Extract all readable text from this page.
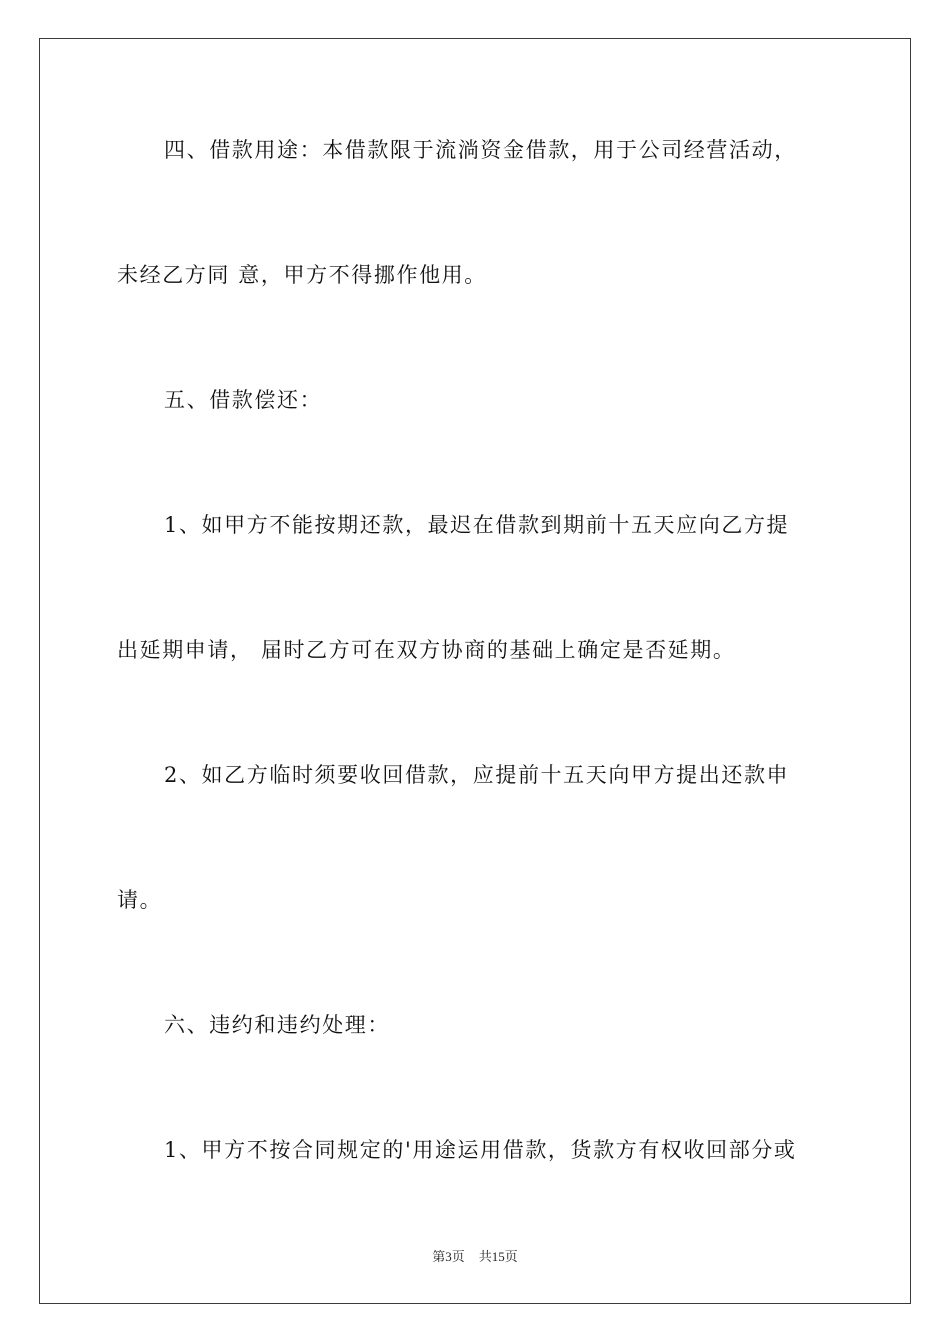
四、借款用途：本借款限于流淌资金借款，用于公司经营活动，
未经乙方同 意，甲方不得挪作他用。
五、借款偿还：
1、如甲方不能按期还款，最迟在借款到期前十五天应向乙方提
出延期申请， 届时乙方可在双方协商的基础上确定是否延期。
2、如乙方临时须要收回借款，应提前十五天向甲方提出还款申
请。
六、违约和违约处理：
1、甲方不按合同规定的'用途运用借款，货款方有权收回部分或
第3页 共15页
